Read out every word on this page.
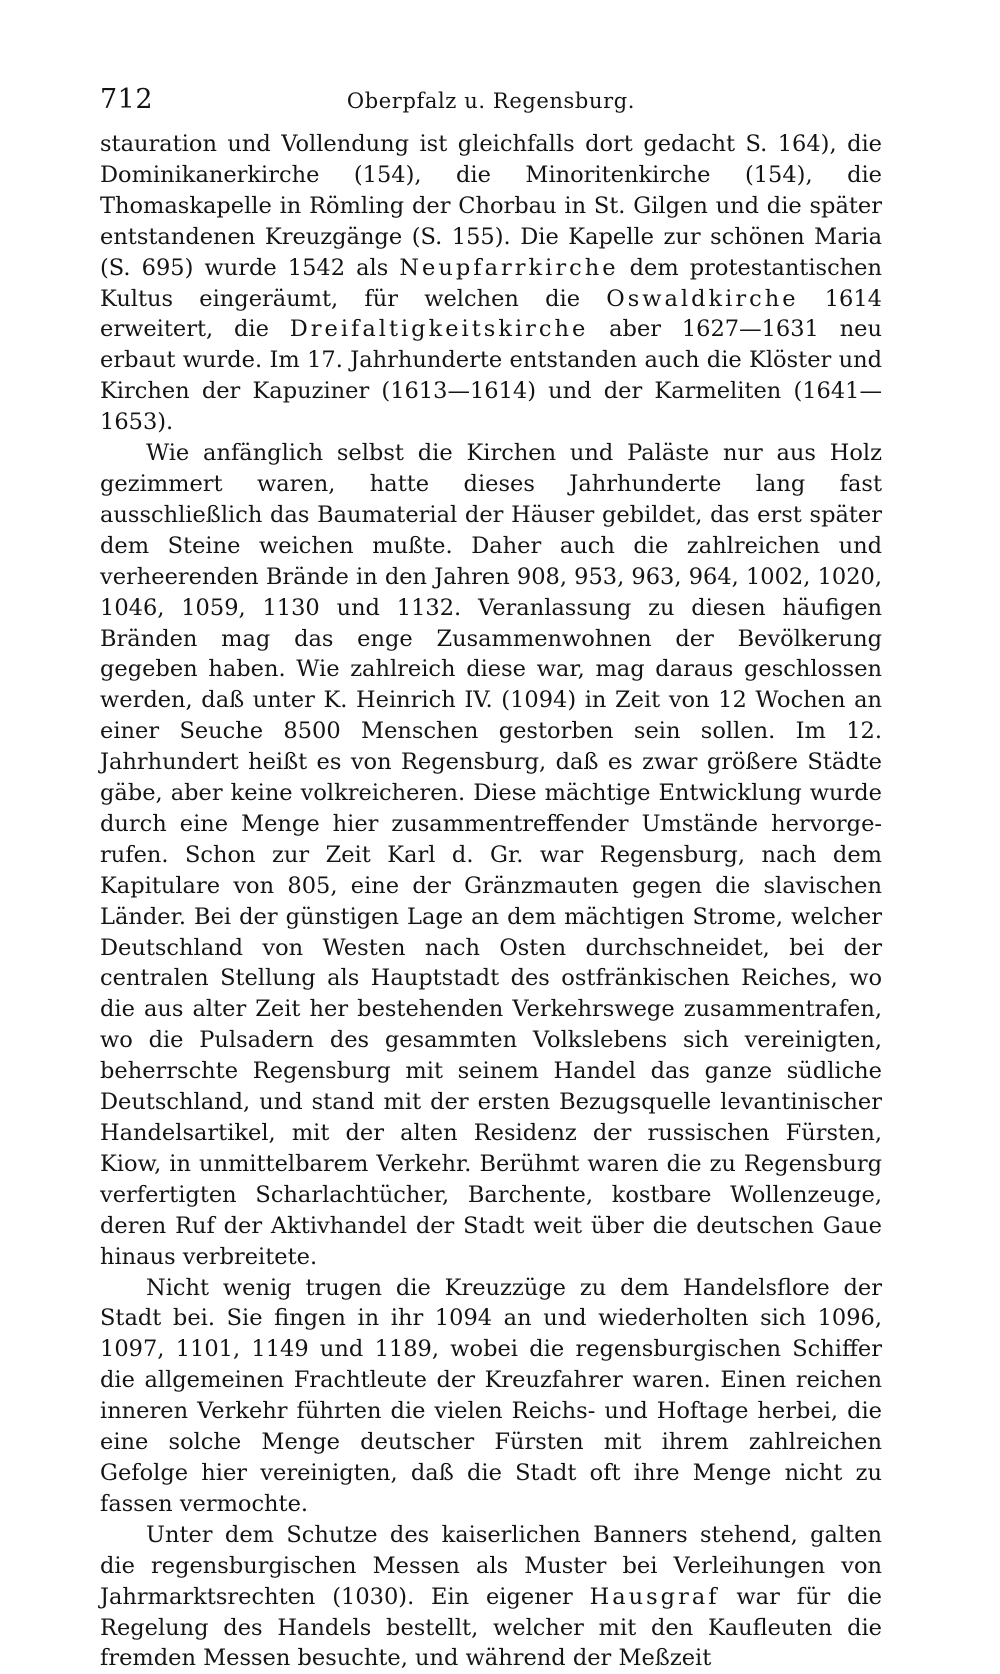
712	Oberpfalz u. Regensburg.

stauration und Vollendung ist gleichfalls dort gedacht S. 164), die Dominikanerkirche (154), die Minoritenkirche (154), die Thomaskapelle in Römling der Chorbau in St. Gilgen und die später entstandenen Kreuzgänge (S. 155). Die Kapelle zur schönen Maria (S. 695) wurde 1542 als Neupfarrkirche dem protestantischen Kultus eingeräumt, für welchen die Oswaldkirche 1614 erweitert, die Dreifaltigkeitskirche aber 1627—1631 neu erbaut wurde. Im 17. Jahrhunderte entstanden auch die Klöster und Kirchen der Kapuziner (1613—1614) und der Karmeliten (1641—1653).

Wie anfänglich selbst die Kirchen und Paläste nur aus Holz gezimmert waren, hatte dieses Jahrhunderte lang fast ausschließlich das Baumaterial der Häuser gebildet, das erst später dem Steine weichen mußte. Daher auch die zahlreichen und verheerenden Brände in den Jahren 908, 953, 963, 964, 1002, 1020, 1046, 1059, 1130 und 1132. Veranlassung zu diesen häufigen Bränden mag das enge Zusammenwohnen der Bevölkerung gegeben haben. Wie zahlreich diese war, mag daraus geschlossen werden, daß unter K. Heinrich IV. (1094) in Zeit von 12 Wochen an einer Seuche 8500 Menschen gestorben sein sollen. Im 12. Jahrhundert heißt es von Regensburg, daß es zwar größere Städte gäbe, aber keine volkreicheren. Diese mächtige Entwicklung wurde durch eine Menge hier zusammentreffender Umstände hervorgerufen. Schon zur Zeit Karl d. Gr. war Regensburg, nach dem Kapitulare von 805, eine der Gränzmauten gegen die slavischen Länder. Bei der günstigen Lage an dem mächtigen Strome, welcher Deutschland von Westen nach Osten durchschneidet, bei der centralen Stellung als Hauptstadt des ostfränkischen Reiches, wo die aus alter Zeit her bestehenden Verkehrswege zusammentrafen, wo die Pulsadern des gesammten Volkslebens sich vereinigten, beherrschte Regensburg mit seinem Handel das ganze südliche Deutschland, und stand mit der ersten Bezugsquelle levantinischer Handelsartikel, mit der alten Residenz der russischen Fürsten, Kiow, in unmittelbarem Verkehr. Berühmt waren die zu Regensburg verfertigten Scharlachtücher, Barchente, kostbare Wollenzeuge, deren Ruf der Aktivhandel der Stadt weit über die deutschen Gaue hinaus verbreitete.

Nicht wenig trugen die Kreuzzüge zu dem Handelsflore der Stadt bei. Sie fingen in ihr 1094 an und wiederholten sich 1096, 1097, 1101, 1149 und 1189, wobei die regensburgischen Schiffer die allgemeinen Frachtleute der Kreuzfahrer waren. Einen reichen inneren Verkehr führten die vielen Reichs- und Hoftage herbei, die eine solche Menge deutscher Fürsten mit ihrem zahlreichen Gefolge hier vereinigten, daß die Stadt oft ihre Menge nicht zu fassen vermochte.

Unter dem Schutze des kaiserlichen Banners stehend, galten die regensburgischen Messen als Muster bei Verleihungen von Jahrmarktsrechten (1030). Ein eigener Hausgraf war für die Regelung des Handels bestellt, welcher mit den Kaufleuten die fremden Messen besuchte, und während der Meßzeit
